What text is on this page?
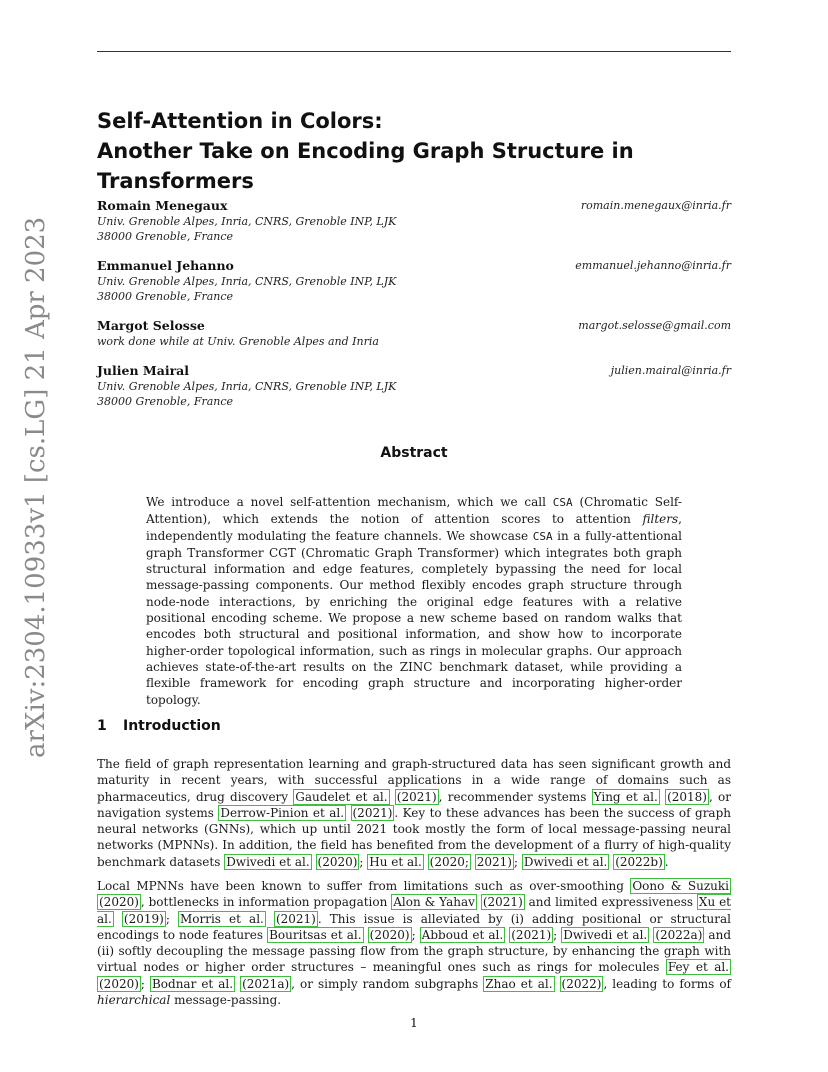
arXiv:2304.10933v1 [cs.LG] 21 Apr 2023
Self-Attention in Colors:
Another Take on Encoding Graph Structure in Transformers
Romain Menegaux	romain.menegaux@inria.fr
Univ. Grenoble Alpes, Inria, CNRS, Grenoble INP, LJK
38000 Grenoble, France
Emmanuel Jehanno	emmanuel.jehanno@inria.fr
Univ. Grenoble Alpes, Inria, CNRS, Grenoble INP, LJK
38000 Grenoble, France
Margot Selosse	margot.selosse@gmail.com
work done while at Univ. Grenoble Alpes and Inria
Julien Mairal	julien.mairal@inria.fr
Univ. Grenoble Alpes, Inria, CNRS, Grenoble INP, LJK
38000 Grenoble, France
Abstract
We introduce a novel self-attention mechanism, which we call CSA (Chromatic Self-Attention), which extends the notion of attention scores to attention filters, independently modulating the feature channels. We showcase CSA in a fully-attentional graph Transformer CGT (Chromatic Graph Transformer) which integrates both graph structural information and edge features, completely bypassing the need for local message-passing components. Our method flexibly encodes graph structure through node-node interactions, by enriching the original edge features with a relative positional encoding scheme. We propose a new scheme based on random walks that encodes both structural and positional information, and show how to incorporate higher-order topological information, such as rings in molecular graphs. Our approach achieves state-of-the-art results on the ZINC benchmark dataset, while providing a flexible framework for encoding graph structure and incorporating higher-order topology.
1 Introduction
The field of graph representation learning and graph-structured data has seen significant growth and maturity in recent years, with successful applications in a wide range of domains such as pharmaceutics, drug discovery Gaudelet et al. (2021) , recommender systems Ying et al. (2018) , or navigation systems Derrow-Pinion et al. (2021) . Key to these advances has been the success of graph neural networks (GNNs), which up until 2021 took mostly the form of local message-passing neural networks (MPNNs). In addition, the field has benefited from the development of a flurry of high-quality benchmark datasets Dwivedi et al. (2020) ; Hu et al. (2020; 2021) ; Dwivedi et al. (2022b) .
Local MPNNs have been known to suffer from limitations such as over-smoothing Oono & Suzuki (2020) , bottlenecks in information propagation Alon & Yahav (2021) and limited expressiveness Xu et al. (2019) ; Morris et al. (2021) . This issue is alleviated by (i) adding positional or structural encodings to node features Bouritsas et al. (2020) ; Abboud et al. (2021) ; Dwivedi et al. (2022a) and (ii) softly decoupling the message passing flow from the graph structure, by enhancing the graph with virtual nodes or higher order structures – meaningful ones such as rings for molecules Fey et al. (2020) ; Bodnar et al. (2021a) , or simply random subgraphs Zhao et al. (2022) , leading to forms of hierarchical message-passing.
1
